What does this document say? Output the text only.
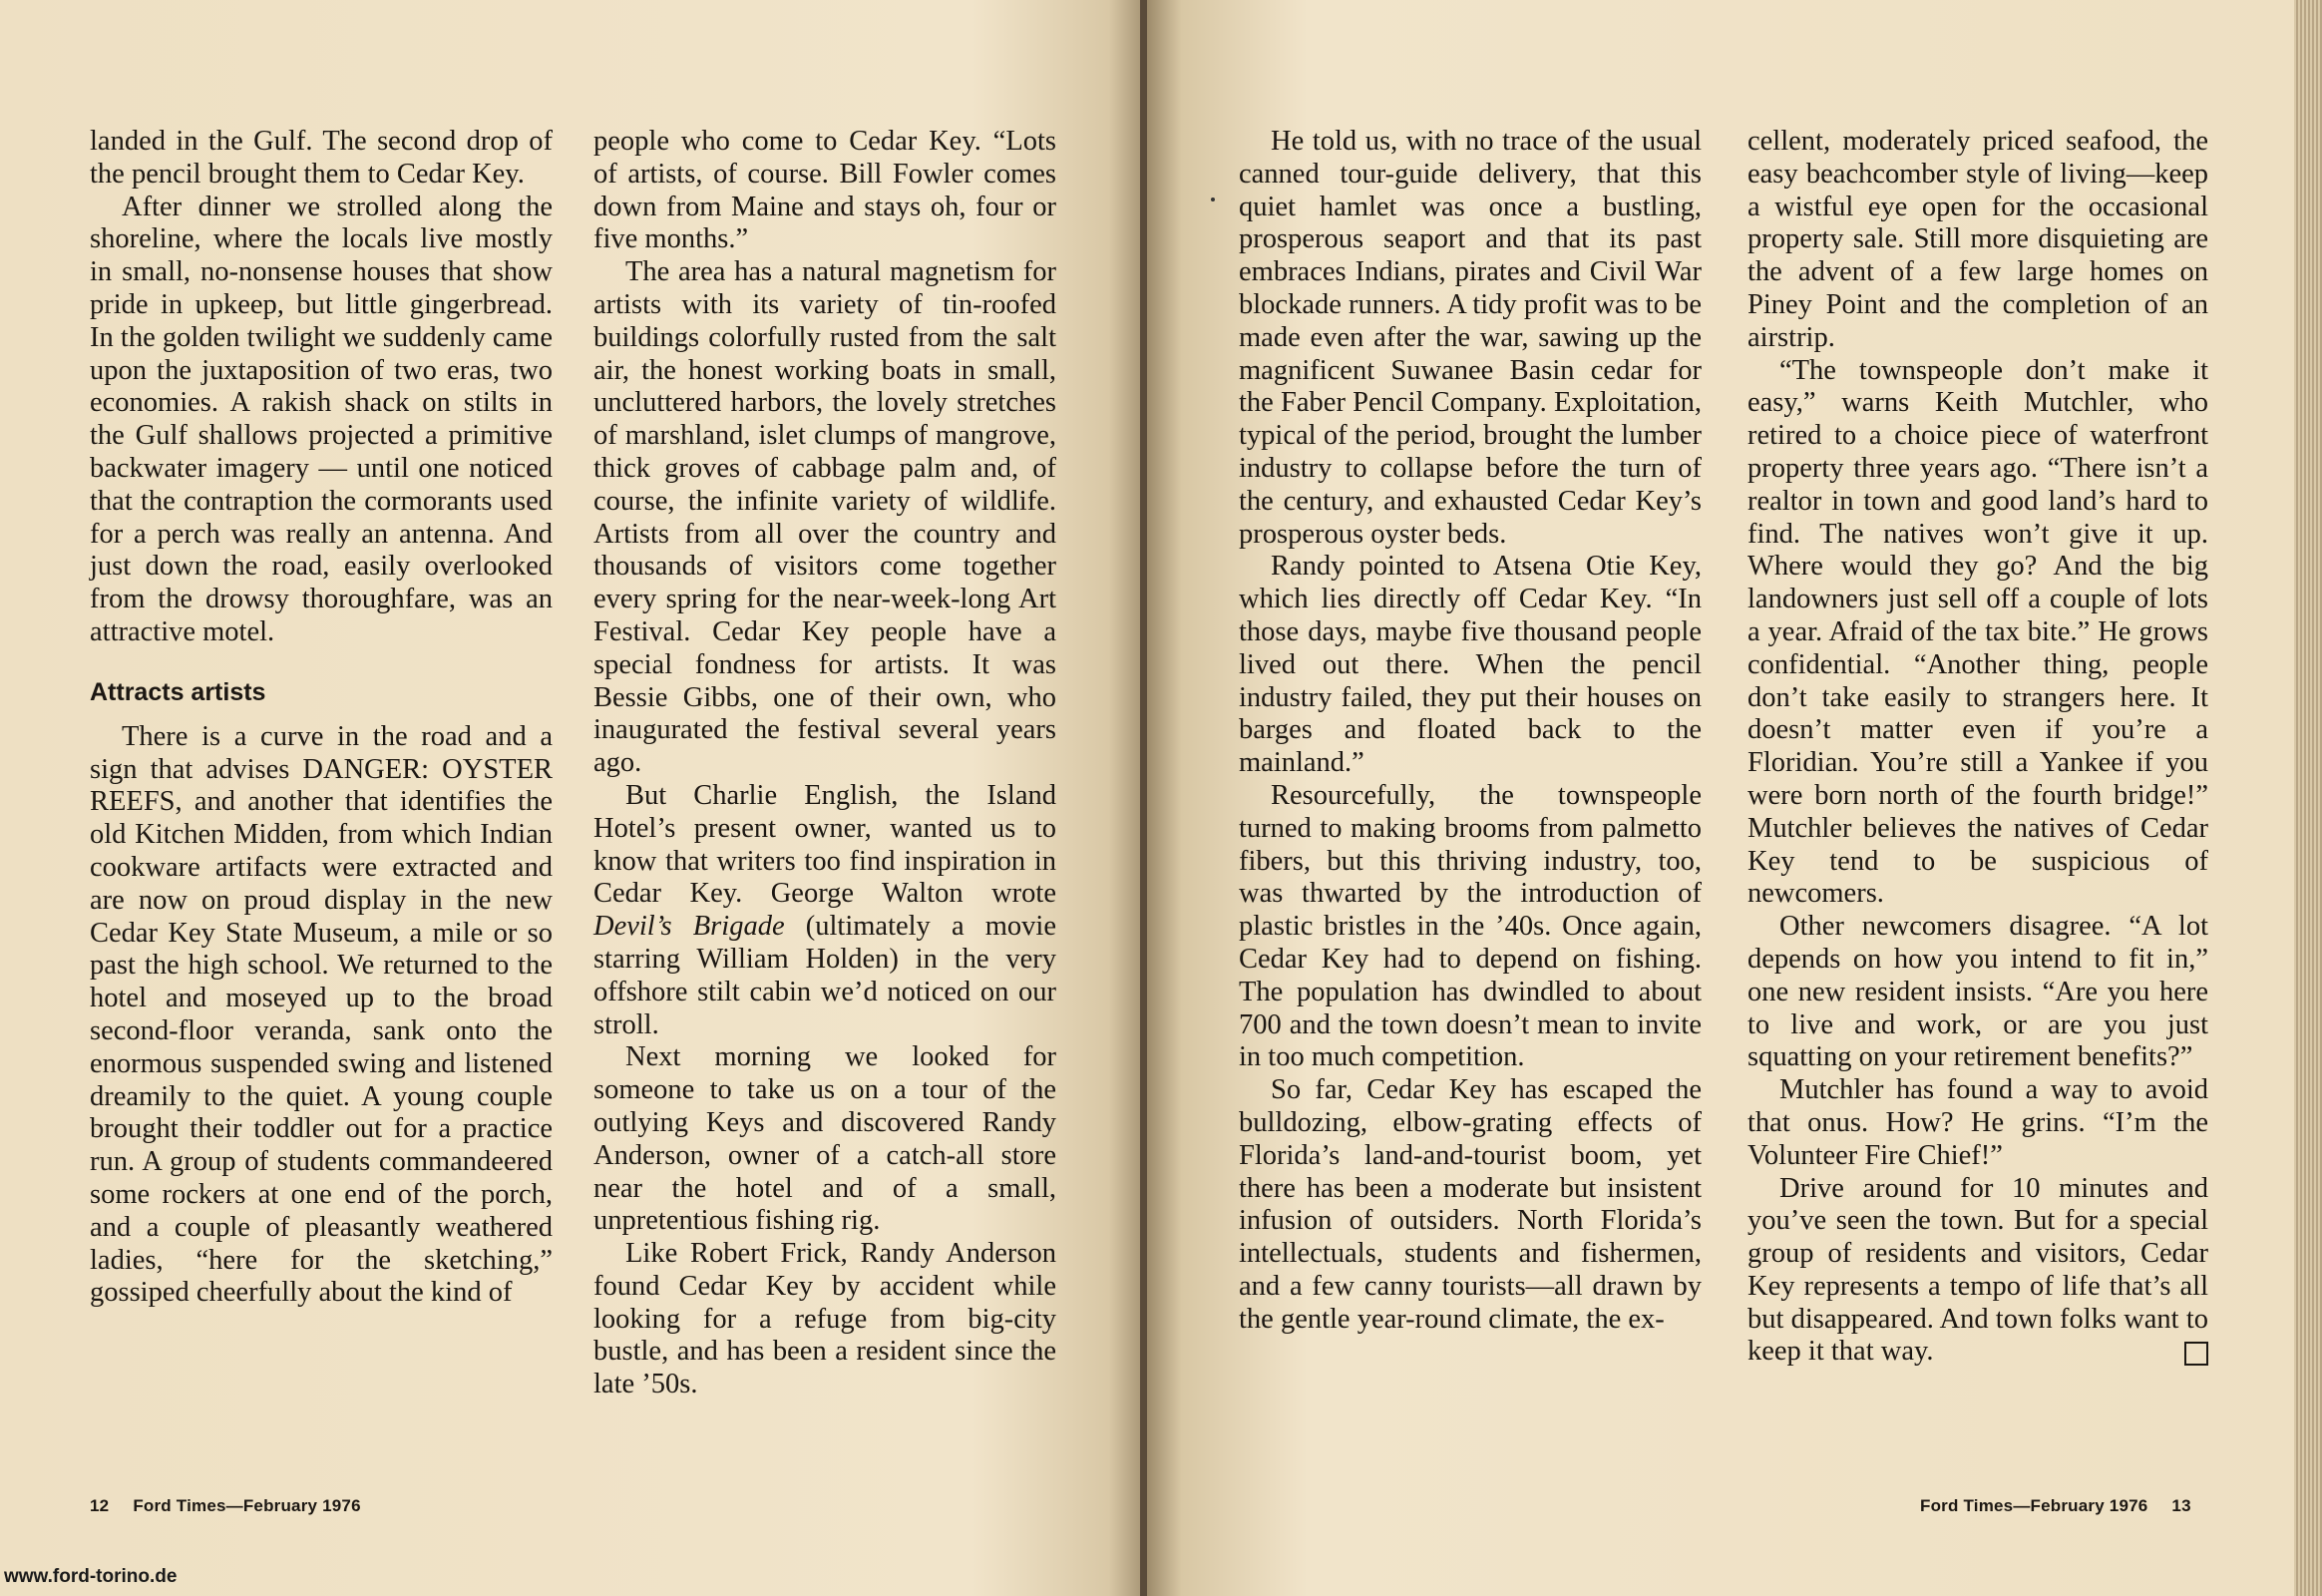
landed in the Gulf. The second drop of the pencil brought them to Cedar Key.

After dinner we strolled along the shoreline, where the locals live mostly in small, no-nonsense houses that show pride in upkeep, but little gingerbread. In the golden twilight we suddenly came upon the juxtaposition of two eras, two economies. A rakish shack on stilts in the Gulf shallows projected a primitive backwater imagery — until one noticed that the contraption the cormorants used for a perch was really an antenna. And just down the road, easily overlooked from the drowsy thoroughfare, was an attractive motel.

Attracts artists

There is a curve in the road and a sign that advises DANGER: OYSTER REEFS, and another that identifies the old Kitchen Midden, from which Indian cookware artifacts were extracted and are now on proud display in the new Cedar Key State Museum, a mile or so past the high school. We returned to the hotel and moseyed up to the broad second-floor veranda, sank onto the enormous suspended swing and listened dreamily to the quiet. A young couple brought their toddler out for a practice run. A group of students commandeered some rockers at one end of the porch, and a couple of pleasantly weathered ladies, “here for the sketching,” gossiped cheerfully about the kind of

people who come to Cedar Key. “Lots of artists, of course. Bill Fowler comes down from Maine and stays oh, four or five months.”

The area has a natural magnetism for artists with its variety of tin-roofed buildings colorfully rusted from the salt air, the honest working boats in small, uncluttered harbors, the lovely stretches of marshland, islet clumps of mangrove, thick groves of cabbage palm and, of course, the infinite variety of wildlife. Artists from all over the country and thousands of visitors come together every spring for the near-week-long Art Festival. Cedar Key people have a special fondness for artists. It was Bessie Gibbs, one of their own, who inaugurated the festival several years ago.

But Charlie English, the Island Hotel’s present owner, wanted us to know that writers too find inspiration in Cedar Key. George Walton wrote Devil’s Brigade (ultimately a movie starring William Holden) in the very offshore stilt cabin we’d noticed on our stroll.

Next morning we looked for someone to take us on a tour of the outlying Keys and discovered Randy Anderson, owner of a catch-all store near the hotel and of a small, unpretentious fishing rig.

Like Robert Frick, Randy Anderson found Cedar Key by accident while looking for a refuge from big-city bustle, and has been a resident since the late ’50s.

He told us, with no trace of the usual canned tour-guide delivery, that this quiet hamlet was once a bustling, prosperous seaport and that its past embraces Indians, pirates and Civil War blockade runners. A tidy profit was to be made even after the war, sawing up the magnificent Suwanee Basin cedar for the Faber Pencil Company. Exploitation, typical of the period, brought the lumber industry to collapse before the turn of the century, and exhausted Cedar Key’s prosperous oyster beds.

Randy pointed to Atsena Otie Key, which lies directly off Cedar Key. “In those days, maybe five thousand people lived out there. When the pencil industry failed, they put their houses on barges and floated back to the mainland.”

Resourcefully, the townspeople turned to making brooms from palmetto fibers, but this thriving industry, too, was thwarted by the introduction of plastic bristles in the ’40s. Once again, Cedar Key had to depend on fishing. The population has dwindled to about 700 and the town doesn’t mean to invite in too much competition.

So far, Cedar Key has escaped the bulldozing, elbow-grating effects of Florida’s land-and-tourist boom, yet there has been a moderate but insistent infusion of outsiders. North Florida’s intellectuals, students and fishermen, and a few canny tourists—all drawn by the gentle year-round climate, the ex-

cellent, moderately priced seafood, the easy beachcomber style of living—keep a wistful eye open for the occasional property sale. Still more disquieting are the advent of a few large homes on Piney Point and the completion of an airstrip.

“The townspeople don’t make it easy,” warns Keith Mutchler, who retired to a choice piece of waterfront property three years ago. “There isn’t a realtor in town and good land’s hard to find. The natives won’t give it up. Where would they go? And the big landowners just sell off a couple of lots a year. Afraid of the tax bite.” He grows confidential. “Another thing, people don’t take easily to strangers here. It doesn’t matter even if you’re a Floridian. You’re still a Yankee if you were born north of the fourth bridge!” Mutchler believes the natives of Cedar Key tend to be suspicious of newcomers.

Other newcomers disagree. “A lot depends on how you intend to fit in,” one new resident insists. “Are you here to live and work, or are you just squatting on your retirement benefits?”

Mutchler has found a way to avoid that onus. How? He grins. “I’m the Volunteer Fire Chief!”

Drive around for 10 minutes and you’ve seen the town. But for a special group of residents and visitors, Cedar Key represents a tempo of life that’s all but disappeared. And town folks want to keep it that way.

12 Ford Times—February 1976	Ford Times—February 1976 13
www.ford-torino.de
